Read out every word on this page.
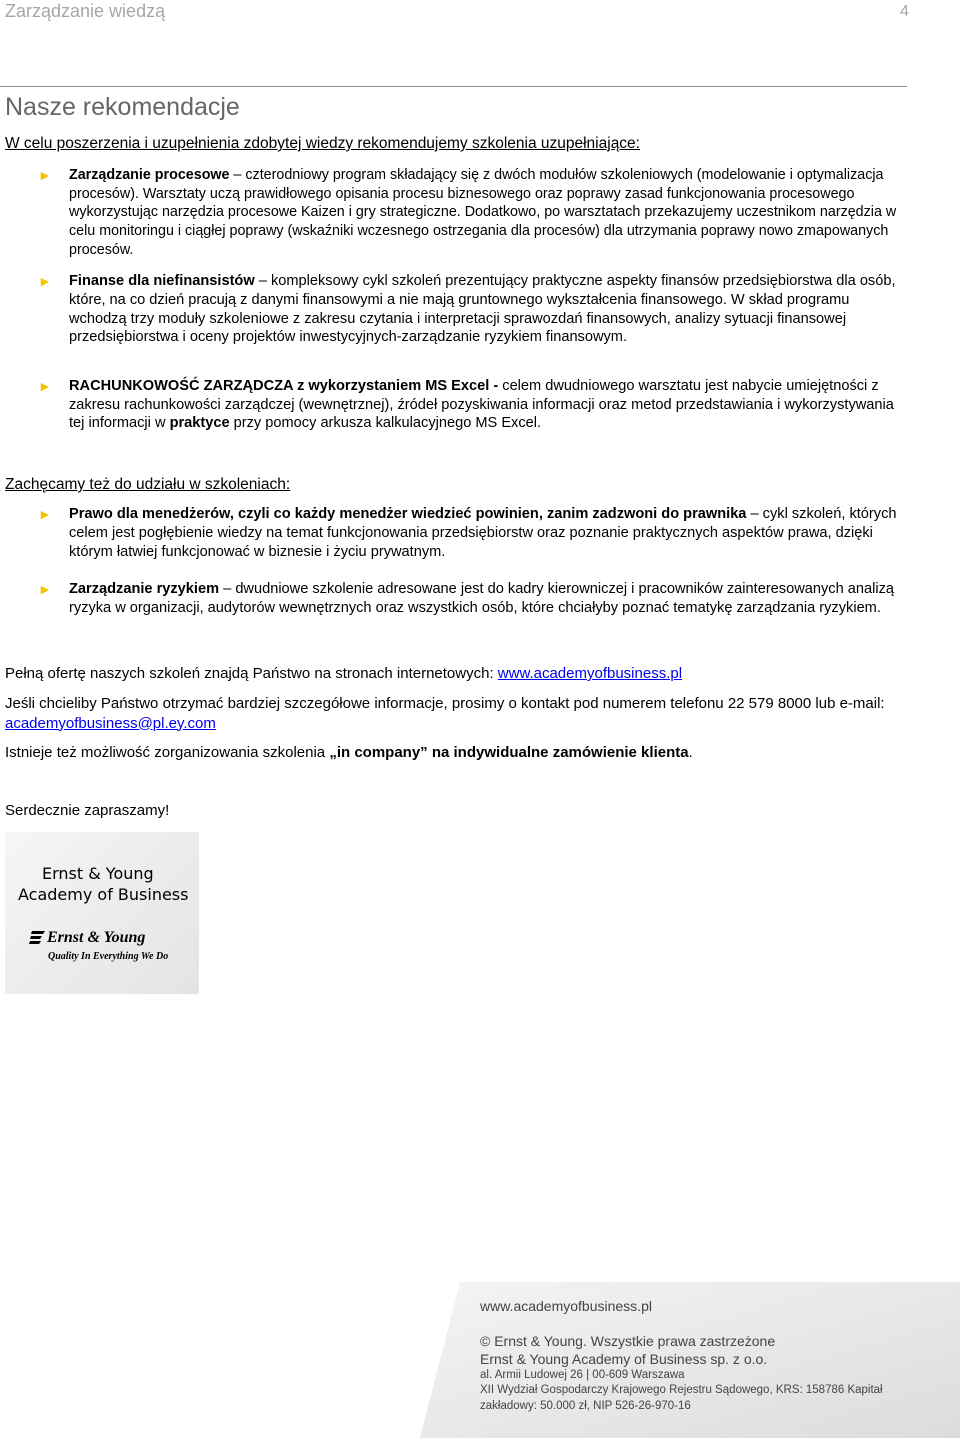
Zarządzanie wiedzą	4
Nasze rekomendacje
W celu poszerzenia i uzupełnienia zdobytej wiedzy rekomendujemy szkolenia uzupełniające:
► Zarządzanie procesowe – czterodniowy program składający się z dwóch modułów szkoleniowych (modelowanie i optymalizacja procesów). Warsztaty uczą prawidłowego opisania procesu biznesowego oraz poprawy zasad funkcjonowania procesowego wykorzystując narzędzia procesowe Kaizen i gry strategiczne. Dodatkowo, po warsztatach przekazujemy uczestnikom narzędzia w celu monitoringu i ciągłej poprawy (wskaźniki wczesnego ostrzegania dla procesów) dla utrzymania poprawy nowo zmapowanych procesów.
► Finanse dla niefinansistów – kompleksowy cykl szkoleń prezentujący praktyczne aspekty finansów przedsiębiorstwa dla osób, które, na co dzień pracują z danymi finansowymi a nie mają gruntownego wykształcenia finansowego. W skład programu wchodzą trzy moduły szkoleniowe z zakresu czytania i interpretacji sprawozdań finansowych, analizy sytuacji finansowej przedsiębiorstwa i oceny projektów inwestycyjnych-zarządzanie ryzykiem finansowym.
► RACHUNKOWOŚĆ ZARZĄDCZA z wykorzystaniem MS Excel - celem dwudniowego warsztatu jest nabycie umiejętności z zakresu rachunkowości zarządczej (wewnętrznej), źródeł pozyskiwania informacji oraz metod przedstawiania i wykorzystywania tej informacji w praktyce przy pomocy arkusza kalkulacyjnego MS Excel.
Zachęcamy też do udziału w szkoleniach:
► Prawo dla menedżerów, czyli co każdy menedżer wiedzieć powinien, zanim zadzwoni do prawnika – cykl szkoleń, których celem jest pogłębienie wiedzy na temat funkcjonowania przedsiębiorstw oraz poznanie praktycznych aspektów prawa, dzięki którym łatwiej funkcjonować w biznesie i życiu prywatnym.
► Zarządzanie ryzykiem – dwudniowe szkolenie adresowane jest do kadry kierowniczej i pracowników zainteresowanych analizą ryzyka w organizacji, audytorów wewnętrznych oraz wszystkich osób, które chciałyby poznać tematykę zarządzania ryzykiem.
Pełną ofertę naszych szkoleń znajdą Państwo na stronach internetowych: www.academyofbusiness.pl
Jeśli chcieliby Państwo otrzymać bardziej szczegółowe informacje, prosimy o kontakt pod numerem telefonu 22 579 8000 lub e-mail: academyofbusiness@pl.ey.com
Istnieje też możliwość zorganizowania szkolenia „in company” na indywidualne zamówienie klienta.
Serdecznie zapraszamy!
Ernst & Young
Academy of Business
Ernst & Young
Quality In Everything We Do
www.academyofbusiness.pl
© Ernst & Young. Wszystkie prawa zastrzeżone
Ernst & Young Academy of Business sp. z o.o.
al. Armii Ludowej 26 | 00-609 Warszawa
XII Wydział Gospodarczy Krajowego Rejestru Sądowego, KRS: 158786 Kapitał
zakładowy: 50.000 zł, NIP 526-26-970-16
